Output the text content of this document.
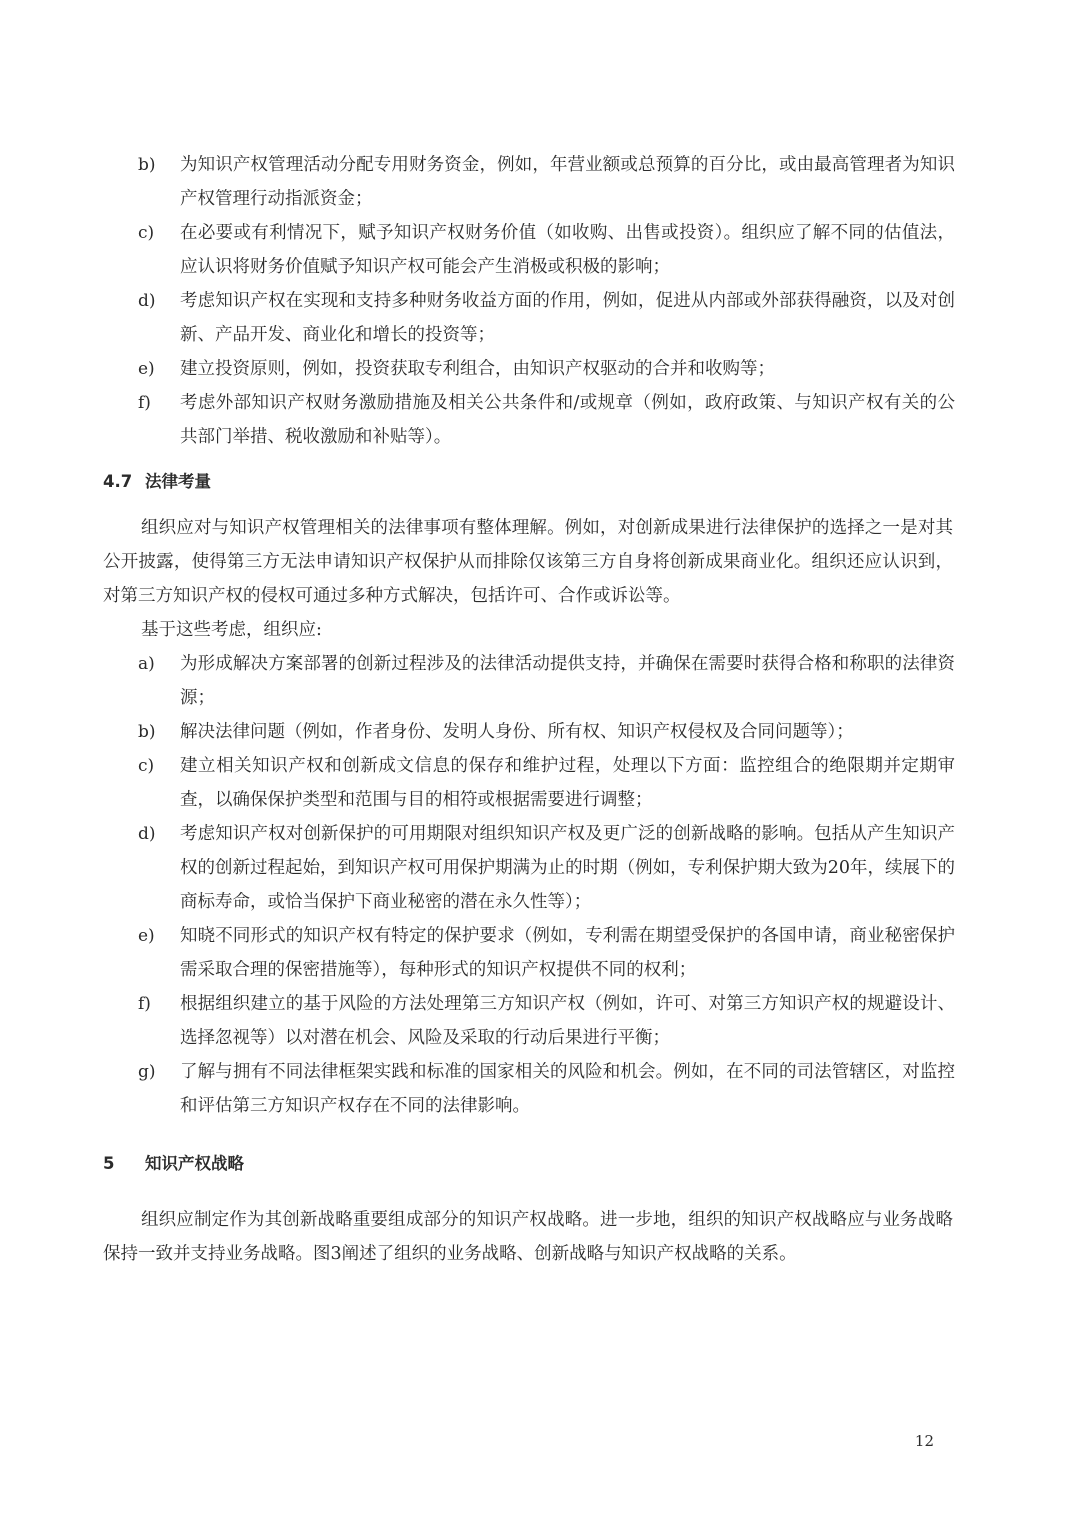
b) 为知识产权管理活动分配专用财务资金，例如，年营业额或总预算的百分比，或由最高管理者为知识产权管理行动指派资金；
c) 在必要或有利情况下，赋予知识产权财务价值（如收购、出售或投资）。组织应了解不同的估值法，应认识将财务价值赋予知识产权可能会产生消极或积极的影响；
d) 考虑知识产权在实现和支持多种财务收益方面的作用，例如，促进从内部或外部获得融资，以及对创新、产品开发、商业化和增长的投资等；
e) 建立投资原则，例如，投资获取专利组合，由知识产权驱动的合并和收购等；
f) 考虑外部知识产权财务激励措施及相关公共条件和/或规章（例如，政府政策、与知识产权有关的公共部门举措、税收激励和补贴等）。
4.7 法律考量
组织应对与知识产权管理相关的法律事项有整体理解。例如，对创新成果进行法律保护的选择之一是对其公开披露，使得第三方无法申请知识产权保护从而排除仅该第三方自身将创新成果商业化。组织还应认识到，对第三方知识产权的侵权可通过多种方式解决，包括许可、合作或诉讼等。
基于这些考虑，组织应:
a) 为形成解决方案部署的创新过程涉及的法律活动提供支持，并确保在需要时获得合格和称职的法律资源；
b) 解决法律问题（例如，作者身份、发明人身份、所有权、知识产权侵权及合同问题等）；
c) 建立相关知识产权和创新成文信息的保存和维护过程，处理以下方面：监控组合的绝限期并定期审查，以确保保护类型和范围与目的相符或根据需要进行调整；
d) 考虑知识产权对创新保护的可用期限对组织知识产权及更广泛的创新战略的影响。包括从产生知识产权的创新过程起始，到知识产权可用保护期满为止的时期（例如，专利保护期大致为20年，续展下的商标寿命，或恰当保护下商业秘密的潜在永久性等）；
e) 知晓不同形式的知识产权有特定的保护要求（例如，专利需在期望受保护的各国申请，商业秘密保护需采取合理的保密措施等），每种形式的知识产权提供不同的权利；
f) 根据组织建立的基于风险的方法处理第三方知识产权（例如，许可、对第三方知识产权的规避设计、选择忽视等）以对潜在机会、风险及采取的行动后果进行平衡；
g) 了解与拥有不同法律框架实践和标准的国家相关的风险和机会。例如，在不同的司法管辖区，对监控和评估第三方知识产权存在不同的法律影响。
5 知识产权战略
组织应制定作为其创新战略重要组成部分的知识产权战略。进一步地，组织的知识产权战略应与业务战略保持一致并支持业务战略。图3阐述了组织的业务战略、创新战略与知识产权战略的关系。
12
